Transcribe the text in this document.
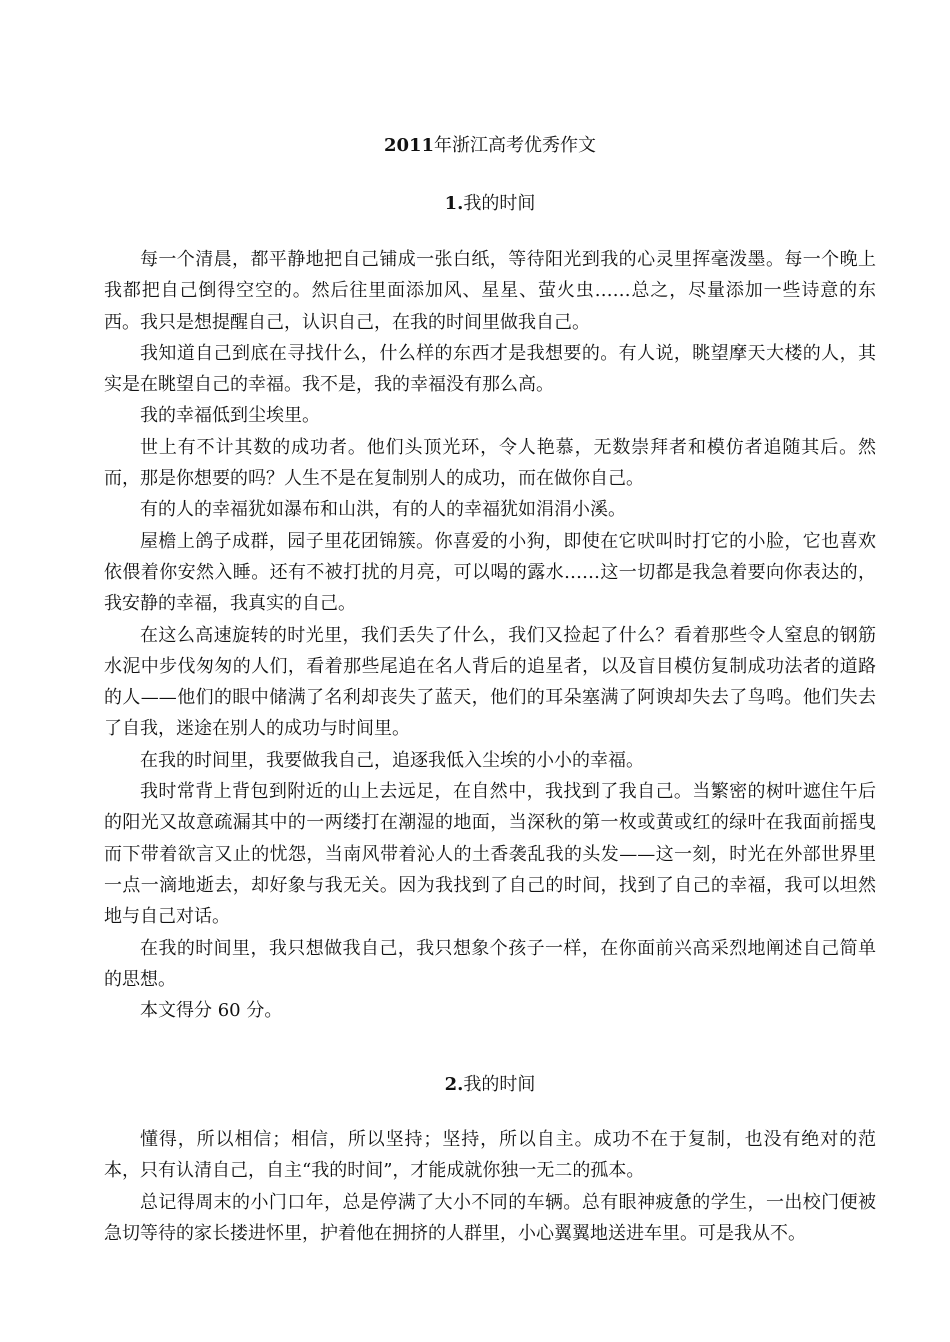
2011年浙江高考优秀作文
1.我的时间

每一个清晨，都平静地把自己铺成一张白纸，等待阳光到我的心灵里挥毫泼墨。每一个晚上我都把自己倒得空空的。然后往里面添加风、星星、萤火虫……总之，尽量添加一些诗意的东西。我只是想提醒自己，认识自己，在我的时间里做我自己。

我知道自己到底在寻找什么，什么样的东西才是我想要的。有人说，眺望摩天大楼的人，其实是在眺望自己的幸福。我不是，我的幸福没有那么高。

我的幸福低到尘埃里。

世上有不计其数的成功者。他们头顶光环，令人艳慕，无数崇拜者和模仿者追随其后。然而，那是你想要的吗？人生不是在复制别人的成功，而在做你自己。

有的人的幸福犹如瀑布和山洪，有的人的幸福犹如涓涓小溪。

屋檐上鸽子成群，园子里花团锦簇。你喜爱的小狗，即使在它吠叫时打它的小脸，它也喜欢依偎着你安然入睡。还有不被打扰的月亮，可以喝的露水……这一切都是我急着要向你表达的，我安静的幸福，我真实的自己。

在这么高速旋转的时光里，我们丢失了什么，我们又捡起了什么？看着那些令人窒息的钢筋水泥中步伐匆匆的人们，看着那些尾追在名人背后的追星者，以及盲目模仿复制成功法者的道路的人——他们的眼中储满了名利却丧失了蓝天，他们的耳朵塞满了阿谀却失去了鸟鸣。他们失去了自我，迷途在别人的成功与时间里。

在我的时间里，我要做我自己，追逐我低入尘埃的小小的幸福。

我时常背上背包到附近的山上去远足，在自然中，我找到了我自己。当繁密的树叶遮住午后的阳光又故意疏漏其中的一两缕打在潮湿的地面，当深秋的第一枚或黄或红的绿叶在我面前摇曳而下带着欲言又止的忧怨，当南风带着沁人的土香袭乱我的头发——这一刻，时光在外部世界里一点一滴地逝去，却好象与我无关。因为我找到了自己的时间，找到了自己的幸福，我可以坦然地与自己对话。

在我的时间里，我只想做我自己，我只想象个孩子一样，在你面前兴高采烈地阐述自己简单的思想。

本文得分 60 分。

2.我的时间

懂得，所以相信；相信，所以坚持；坚持，所以自主。成功不在于复制，也没有绝对的范本，只有认清自己，自主“我的时间”，才能成就你独一无二的孤本。

总记得周末的小门口年，总是停满了大小不同的车辆。总有眼神疲惫的学生，一出校门便被急切等待的家长搂进怀里，护着他在拥挤的人群里，小心翼翼地送进车里。可是我从不。
